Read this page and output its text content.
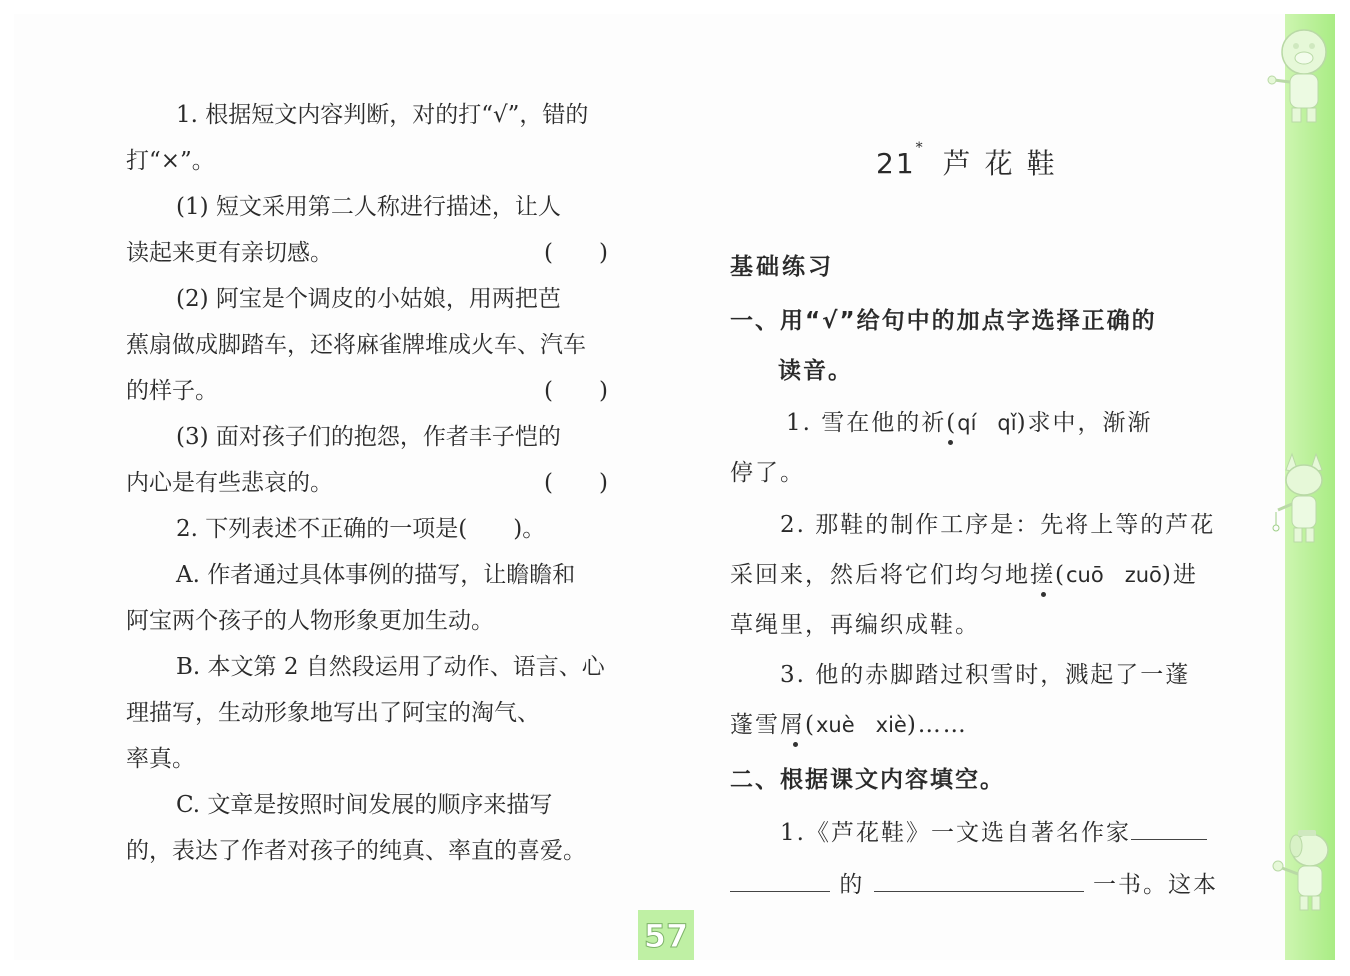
1. 根据短文内容判断，对的打“√”，错的
打“×”。
(1) 短文采用第二人称进行描述，让人
读起来更有亲切感。	(　　)
(2) 阿宝是个调皮的小姑娘，用两把芭
蕉扇做成脚踏车，还将麻雀牌堆成火车、汽车
的样子。	(　　)
(3) 面对孩子们的抱怨，作者丰子恺的
内心是有些悲哀的。	(　　)
2. 下列表述不正确的一项是(　　)。
A. 作者通过具体事例的描写，让瞻瞻和
阿宝两个孩子的人物形象更加生动。
B. 本文第 2 自然段运用了动作、语言、心
理描写，生动形象地写出了阿宝的淘气、
率真。
C. 文章是按照时间发展的顺序来描写
的，表达了作者对孩子的纯真、率直的喜爱。
21* 芦花鞋
基础练习
一、用“√”给句中的加点字选择正确的
读音。
1. 雪在他的祈(qí　qǐ)求中，渐渐
停了。
2. 那鞋的制作工序是：先将上等的芦花
采回来，然后将它们均匀地搓(cuō　zuō)进
草绳里，再编织成鞋。
3. 他的赤脚踏过积雪时，溅起了一蓬
蓬雪屑(xuè　xiè)……
二、根据课文内容填空。
1.《芦花鞋》一文选自著名作家
的	一书。这本
57
